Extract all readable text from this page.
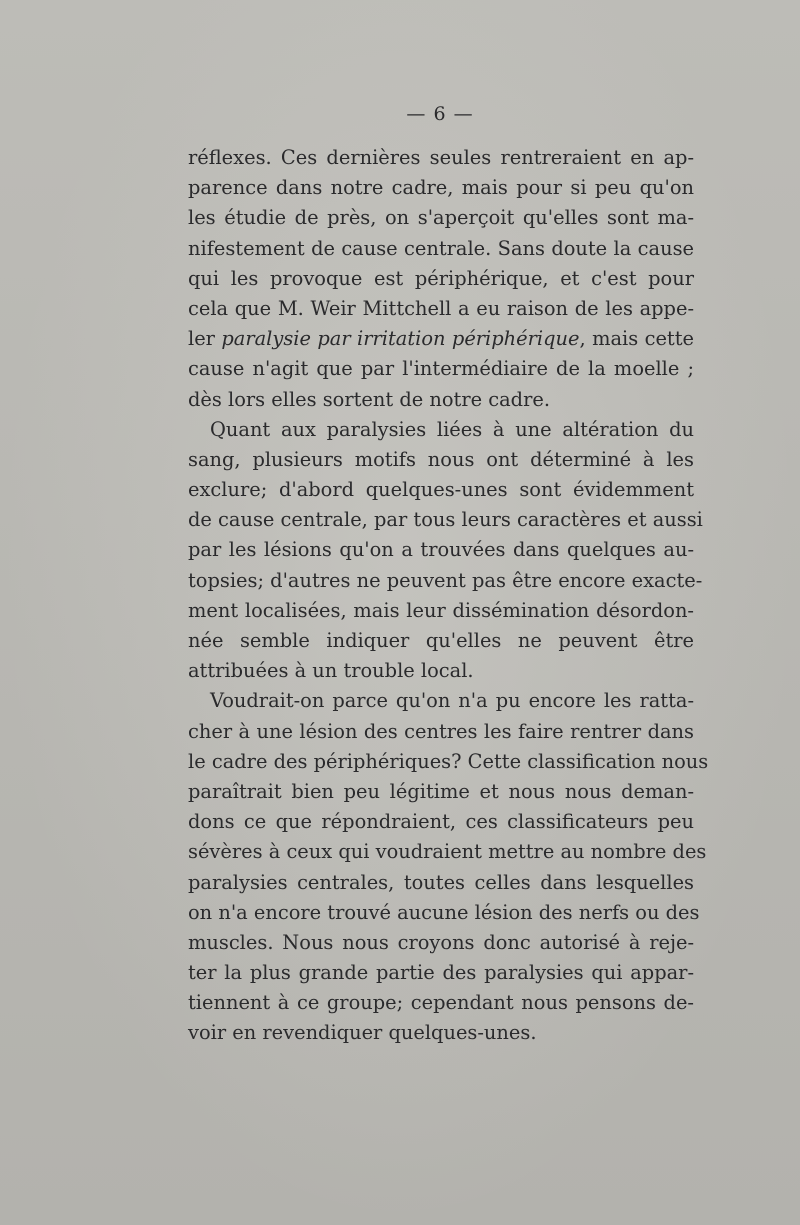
— 6 —
réflexes. Ces dernières seules rentreraient en ap-
parence dans notre cadre, mais pour si peu qu'on
les étudie de près, on s'aperçoit qu'elles sont ma-
nifestement de cause centrale. Sans doute la cause
qui les provoque est périphérique, et c'est pour
cela que M. Weir Mittchell a eu raison de les appe-
ler paralysie par irritation périphérique, mais cette
cause n'agit que par l'intermédiaire de la moelle ;
dès lors elles sortent de notre cadre.
Quant aux paralysies liées à une altération du
sang, plusieurs motifs nous ont déterminé à les
exclure; d'abord quelques-unes sont évidemment
de cause centrale, par tous leurs caractères et aussi
par les lésions qu'on a trouvées dans quelques au-
topsies; d'autres ne peuvent pas être encore exacte-
ment localisées, mais leur dissémination désordon-
née semble indiquer qu'elles ne peuvent être
attribuées à un trouble local.
Voudrait-on parce qu'on n'a pu encore les ratta-
cher à une lésion des centres les faire rentrer dans
le cadre des périphériques? Cette classification nous
paraîtrait bien peu légitime et nous nous deman-
dons ce que répondraient, ces classificateurs peu
sévères à ceux qui voudraient mettre au nombre des
paralysies centrales, toutes celles dans lesquelles
on n'a encore trouvé aucune lésion des nerfs ou des
muscles. Nous nous croyons donc autorisé à reje-
ter la plus grande partie des paralysies qui appar-
tiennent à ce groupe; cependant nous pensons de-
voir en revendiquer quelques-unes.
